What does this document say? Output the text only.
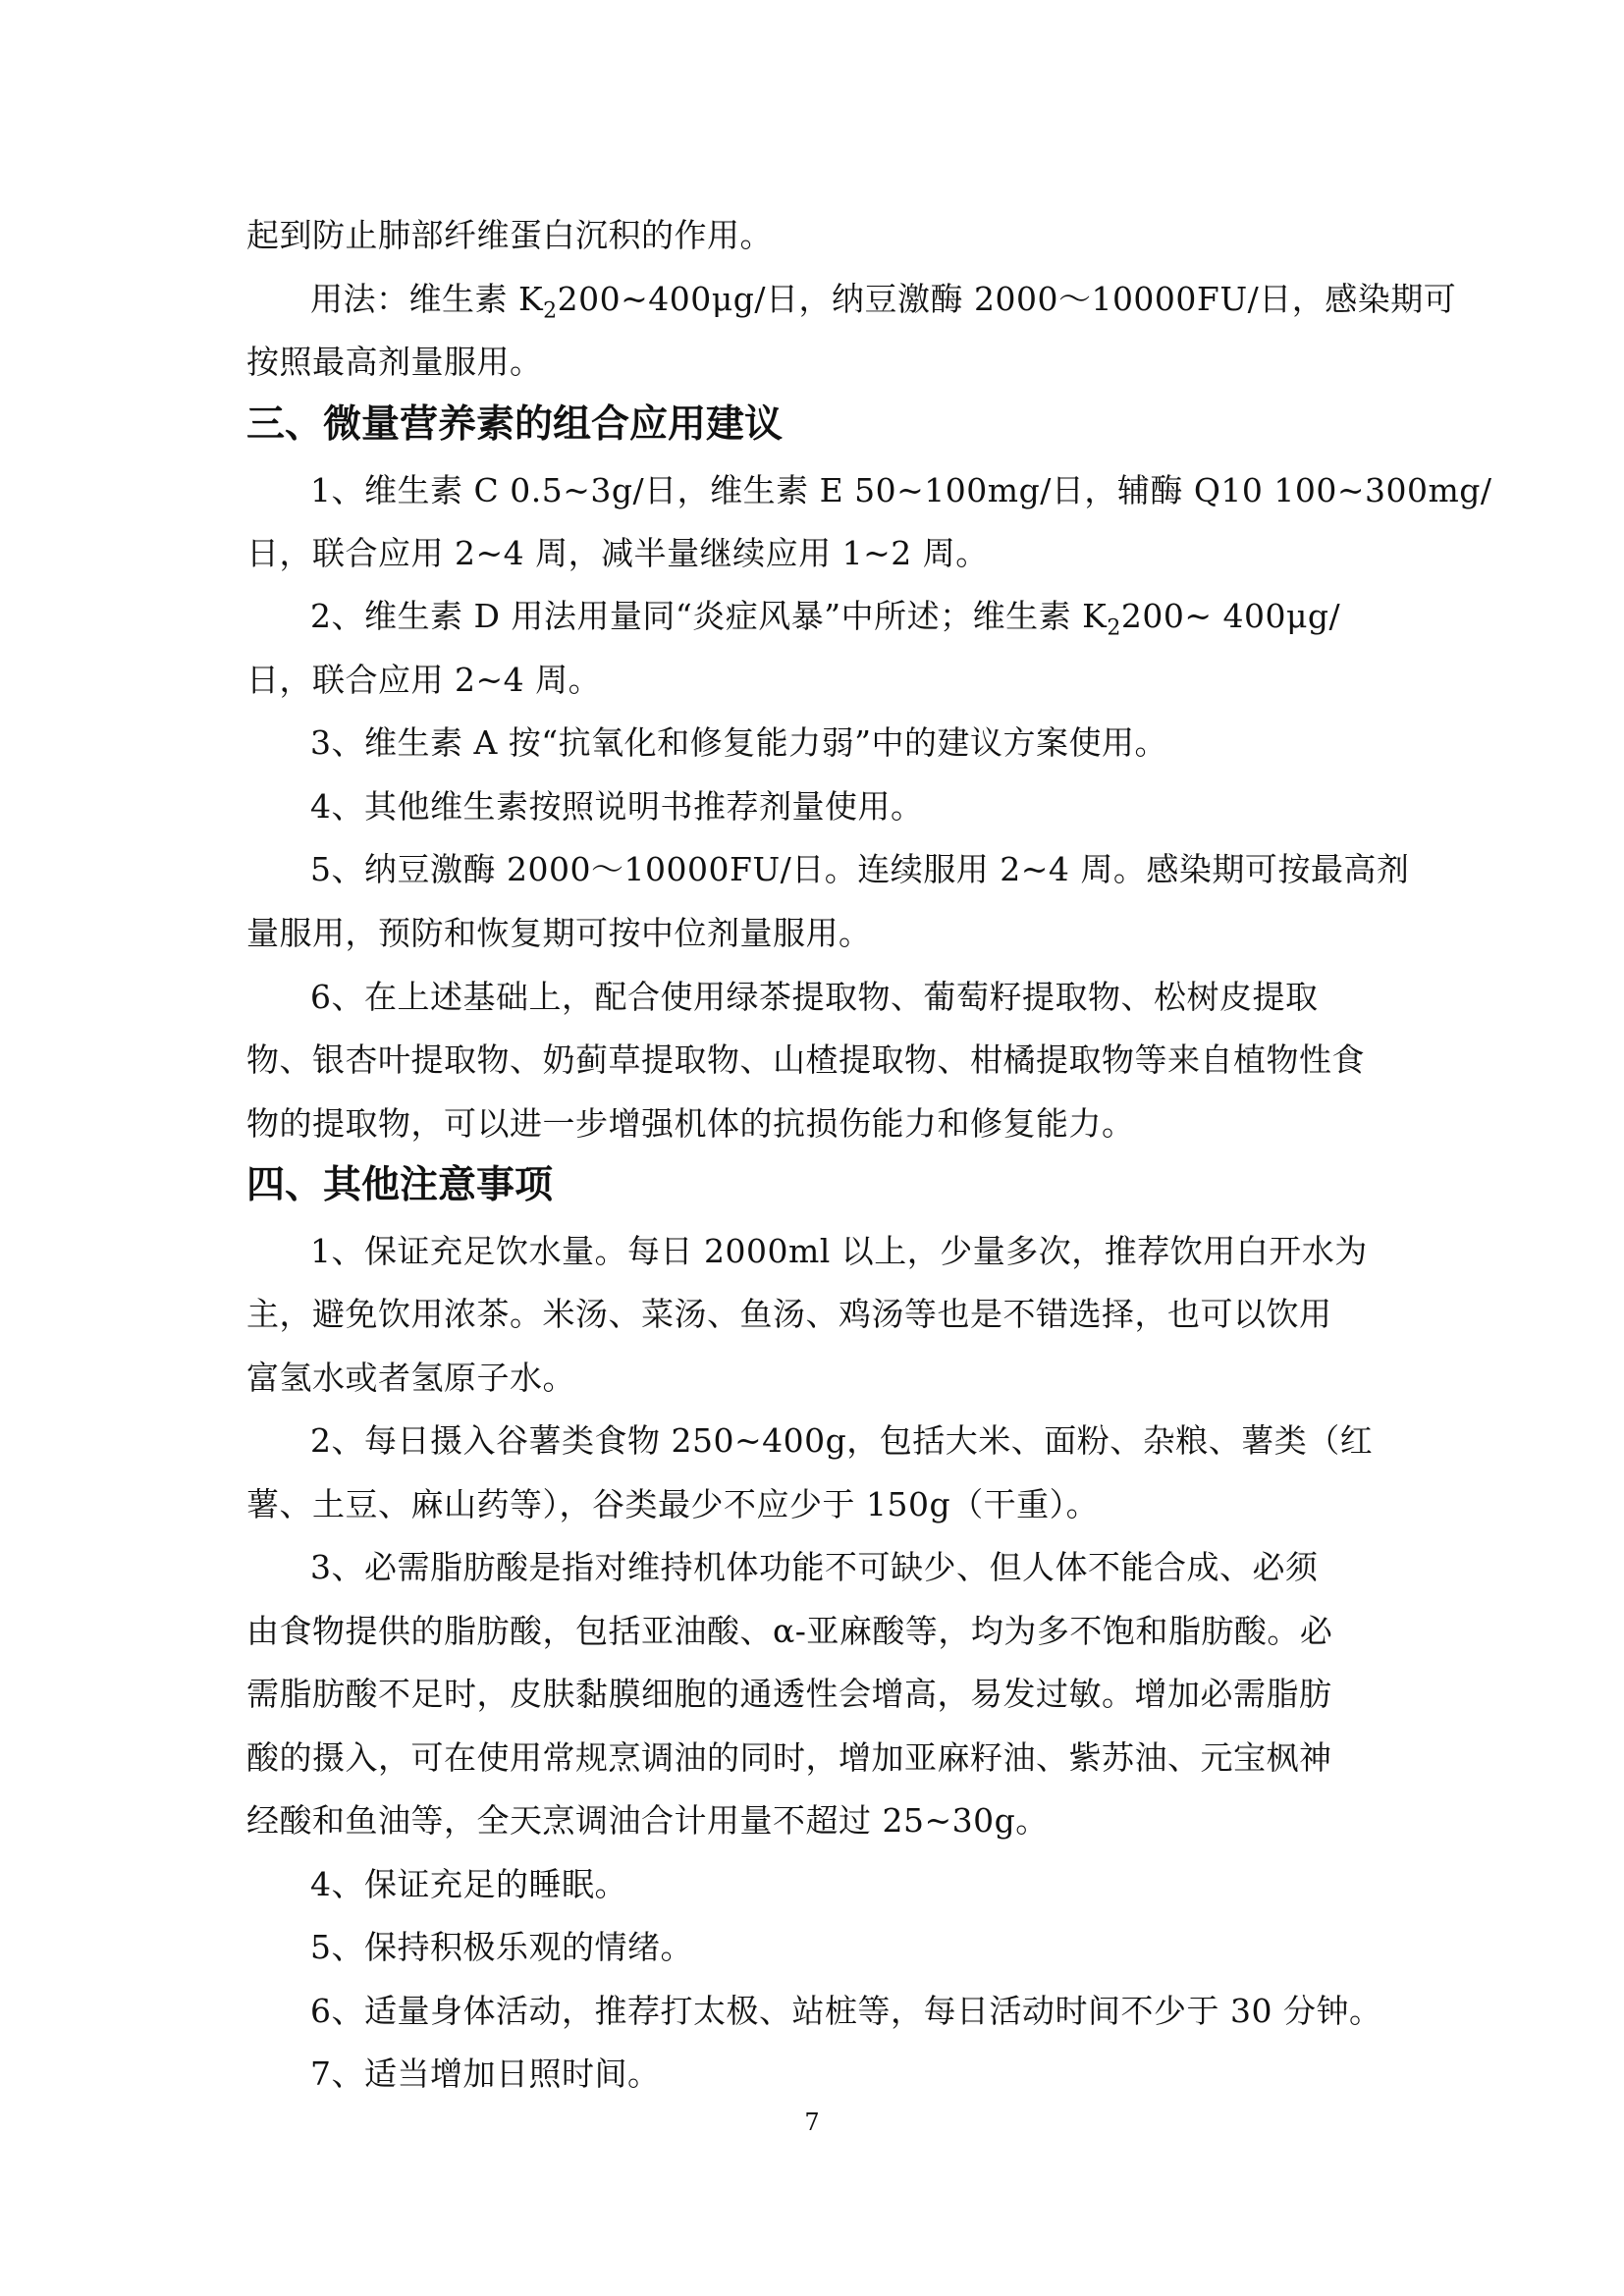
起到防止肺部纤维蛋白沉积的作用。
用法：维生素 $K_2200\sim 400\mu g/$日，纳豆激酶 2000～10000FU/日，感染期可
按照最高剂量服用。
三、微量营养素的组合应用建议
1、维生素 C 0.5~3g/日，维生素 E 50~100mg/日，辅酶 Q10 100~300mg/
日，联合应用 2~4 周，减半量继续应用 1~2 周。
2、维生素 D 用法用量同“炎症风暴”中所述；维生素 $K_2200\sim$ 400μg/
日，联合应用 2~4 周。
3、维生素 A 按“抗氧化和修复能力弱”中的建议方案使用。
4、其他维生素按照说明书推荐剂量使用。
5、纳豆激酶 2000～10000FU/日。连续服用 2~4 周。感染期可按最高剂
量服用，预防和恢复期可按中位剂量服用。
6、在上述基础上，配合使用绿茶提取物、葡萄籽提取物、松树皮提取
物、银杏叶提取物、奶蓟草提取物、山楂提取物、柑橘提取物等来自植物性食
物的提取物，可以进一步增强机体的抗损伤能力和修复能力。
四、其他注意事项
1、保证充足饮水量。每日 2000ml 以上，少量多次，推荐饮用白开水为
主，避免饮用浓茶。米汤、菜汤、鱼汤、鸡汤等也是不错选择，也可以饮用
富氢水或者氢原子水。
2、每日摄入谷薯类食物 250~400g，包括大米、面粉、杂粮、薯类（红
薯、土豆、麻山药等），谷类最少不应少于 150g（干重）。
3、必需脂肪酸是指对维持机体功能不可缺少、但人体不能合成、必须
由食物提供的脂肪酸，包括亚油酸、α-亚麻酸等，均为多不饱和脂肪酸。必
需脂肪酸不足时，皮肤黏膜细胞的通透性会增高，易发过敏。增加必需脂肪
酸的摄入，可在使用常规烹调油的同时，增加亚麻籽油、紫苏油、元宝枫神
经酸和鱼油等，全天烹调油合计用量不超过 25~30g。
4、保证充足的睡眠。
5、保持积极乐观的情绪。
6、适量身体活动，推荐打太极、站桩等，每日活动时间不少于 30 分钟。
7、适当增加日照时间。
7
